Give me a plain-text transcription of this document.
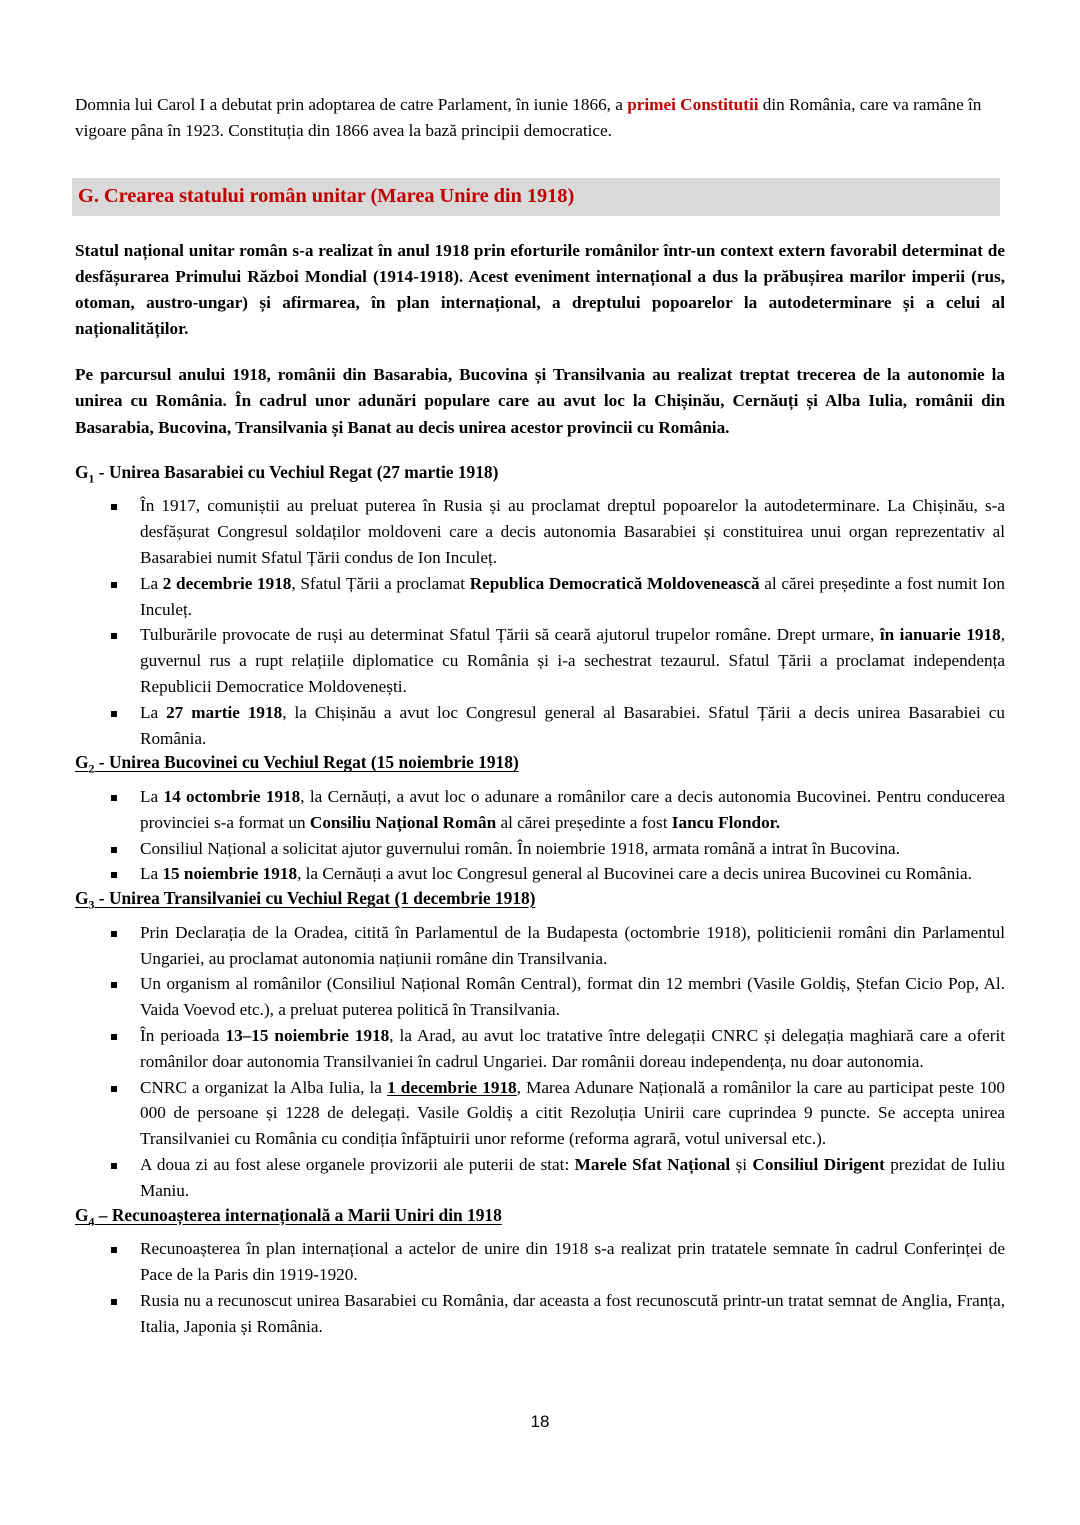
Domnia lui Carol I a debutat prin adoptarea de catre Parlament, în iunie 1866, a primei Constitutii din România, care va ramâne în vigoare pâna în 1923. Constituția din 1866 avea la bază principii democratice.

G. Crearea statului român unitar (Marea Unire din 1918)

Statul național unitar român s-a realizat în anul 1918 prin eforturile românilor într-un context extern favorabil determinat de desfășurarea Primului Război Mondial (1914-1918). Acest eveniment internațional a dus la prăbușirea marilor imperii (rus, otoman, austro-ungar) și afirmarea, în plan internațional, a dreptului popoarelor la autodeterminare și a celui al naționalităților.

Pe parcursul anului 1918, românii din Basarabia, Bucovina și Transilvania au realizat treptat trecerea de la autonomie la unirea cu România. În cadrul unor adunări populare care au avut loc la Chișinău, Cernăuți și Alba Iulia, românii din Basarabia, Bucovina, Transilvania și Banat au decis unirea acestor provincii cu România.

$G_1$ - Unirea Basarabiei cu Vechiul Regat (27 martie 1918)
În 1917, comuniștii au preluat puterea în Rusia și au proclamat dreptul popoarelor la autodeterminare. La Chișinău, s-a desfășurat Congresul soldaților moldoveni care a decis autonomia Basarabiei și constituirea unui organ reprezentativ al Basarabiei numit Sfatul Țării condus de Ion Inculeț.
La 2 decembrie 1918, Sfatul Țării a proclamat Republica Democratică Moldovenească al cărei președinte a fost numit Ion Inculeț.
Tulburările provocate de ruși au determinat Sfatul Țării să ceară ajutorul trupelor române. Drept urmare, în ianuarie 1918, guvernul rus a rupt relațiile diplomatice cu România și i-a sechestrat tezaurul. Sfatul Țării a proclamat independența Republicii Democratice Moldovenești.
La 27 martie 1918, la Chișinău a avut loc Congresul general al Basarabiei. Sfatul Țării a decis unirea Basarabiei cu România.
$G_2$ - Unirea Bucovinei cu Vechiul Regat (15 noiembrie 1918)
La 14 octombrie 1918, la Cernăuți, a avut loc o adunare a românilor care a decis autonomia Bucovinei. Pentru conducerea provinciei s-a format un Consiliu Național Român al cărei președinte a fost Iancu Flondor.
Consiliul Național a solicitat ajutor guvernului român. În noiembrie 1918, armata română a intrat în Bucovina.
La 15 noiembrie 1918, la Cernăuți a avut loc Congresul general al Bucovinei care a decis unirea Bucovinei cu România.
$G_3$ - Unirea Transilvaniei cu Vechiul Regat (1 decembrie 1918)
Prin Declarația de la Oradea, citită în Parlamentul de la Budapesta (octombrie 1918), politicienii români din Parlamentul Ungariei, au proclamat autonomia națiunii române din Transilvania.
Un organism al românilor (Consiliul Național Român Central), format din 12 membri (Vasile Goldiș, Ștefan Cicio Pop, Al. Vaida Voevod etc.), a preluat puterea politică în Transilvania.
În perioada 13–15 noiembrie 1918, la Arad, au avut loc tratative între delegații CNRC și delegația maghiară care a oferit românilor doar autonomia Transilvaniei în cadrul Ungariei. Dar românii doreau independența, nu doar autonomia.
CNRC a organizat la Alba Iulia, la 1 decembrie 1918, Marea Adunare Națională a românilor la care au participat peste 100 000 de persoane și 1228 de delegați. Vasile Goldiș a citit Rezoluția Unirii care cuprindea 9 puncte. Se accepta unirea Transilvaniei cu România cu condiția înfăptuirii unor reforme (reforma agrară, votul universal etc.).
A doua zi au fost alese organele provizorii ale puterii de stat: Marele Sfat Național și Consiliul Dirigent prezidat de Iuliu Maniu.
$G_4$ – Recunoașterea internațională a Marii Uniri din 1918
Recunoașterea în plan internațional a actelor de unire din 1918 s-a realizat prin tratatele semnate în cadrul Conferinței de Pace de la Paris din 1919-1920.
Rusia nu a recunoscut unirea Basarabiei cu România, dar aceasta a fost recunoscută printr-un tratat semnat de Anglia, Franța, Italia, Japonia și România.
18
